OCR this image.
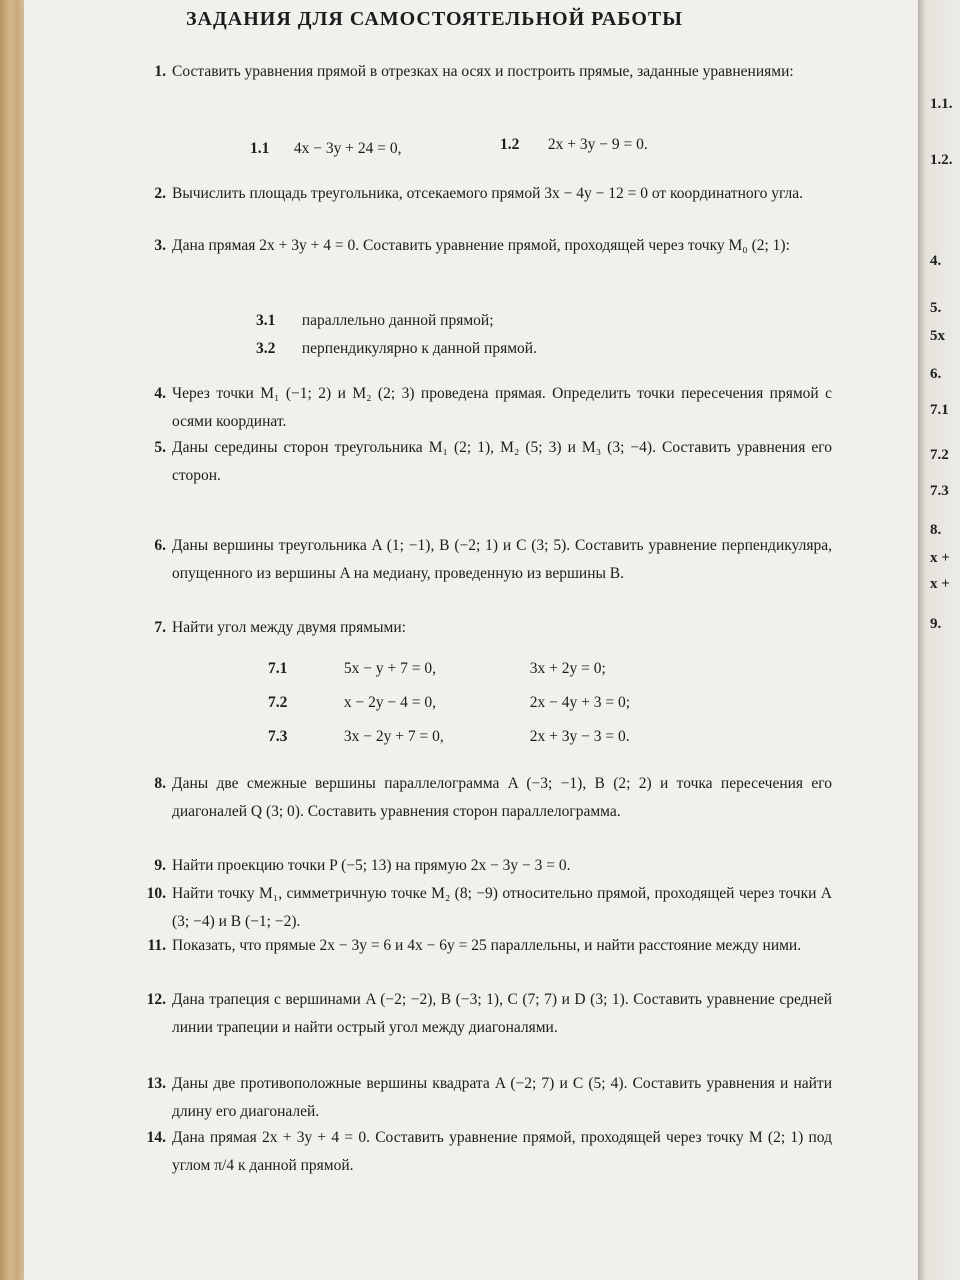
1.1.
1.2.
4.
5.
5x
6.
7.1
7.2
7.3
8.
x +
x +
9.
ЗАДАНИЯ ДЛЯ САМОСТОЯТЕЛЬНОЙ РАБОТЫ
1. Составить уравнения прямой в отрезках на осях и построить прямые, заданные уравнениями:
1.1 4x − 3y + 24 = 0,	1.2 2x + 3y − 9 = 0.
2. Вычислить площадь треугольника, отсекаемого прямой 3x − 4y − 12 = 0 от координатного угла.
3. Дана прямая 2x + 3y + 4 = 0. Составить уравнение прямой, проходящей через точку M₀ (2; 1):
3.1 параллельно данной прямой;
3.2 перпендикулярно к данной прямой.
4. Через точки M₁ (−1; 2) и M₂ (2; 3) проведена прямая. Определить точки пересечения прямой с осями координат.
5. Даны середины сторон треугольника M₁ (2; 1), M₂ (5; 3) и M₃ (3; −4). Составить уравнения его сторон.
6. Даны вершины треугольника A (1; −1), B (−2; 1) и C (3; 5). Составить уравнение перпендикуляра, опущенного из вершины A на медиану, проведенную из вершины B.
7. Найти угол между двумя прямыми:
7.1	5x − y + 7 = 0,	3x + 2y = 0;
7.2	x − 2y − 4 = 0,	2x − 4y + 3 = 0;
7.3	3x − 2y + 7 = 0,	2x + 3y − 3 = 0.
8. Даны две смежные вершины параллелограмма A (−3; −1), B (2; 2) и точка пересечения его диагоналей Q (3; 0). Составить уравнения сторон параллелограмма.
9. Найти проекцию точки P (−5; 13) на прямую 2x − 3y − 3 = 0.
10. Найти точку M₁, симметричную точке M₂ (8; −9) относительно прямой, проходящей через точки A (3; −4) и B (−1; −2).
11. Показать, что прямые 2x − 3y = 6 и 4x − 6y = 25 параллельны, и найти расстояние между ними.
12. Дана трапеция с вершинами A (−2; −2), B (−3; 1), C (7; 7) и D (3; 1). Составить уравнение средней линии трапеции и найти острый угол между диагоналями.
13. Даны две противоположные вершины квадрата A (−2; 7) и C (5; 4). Составить уравнения и найти длину его диагоналей.
14. Дана прямая 2x + 3y + 4 = 0. Составить уравнение прямой, проходящей через точку M (2; 1) под углом π/4 к данной прямой.
